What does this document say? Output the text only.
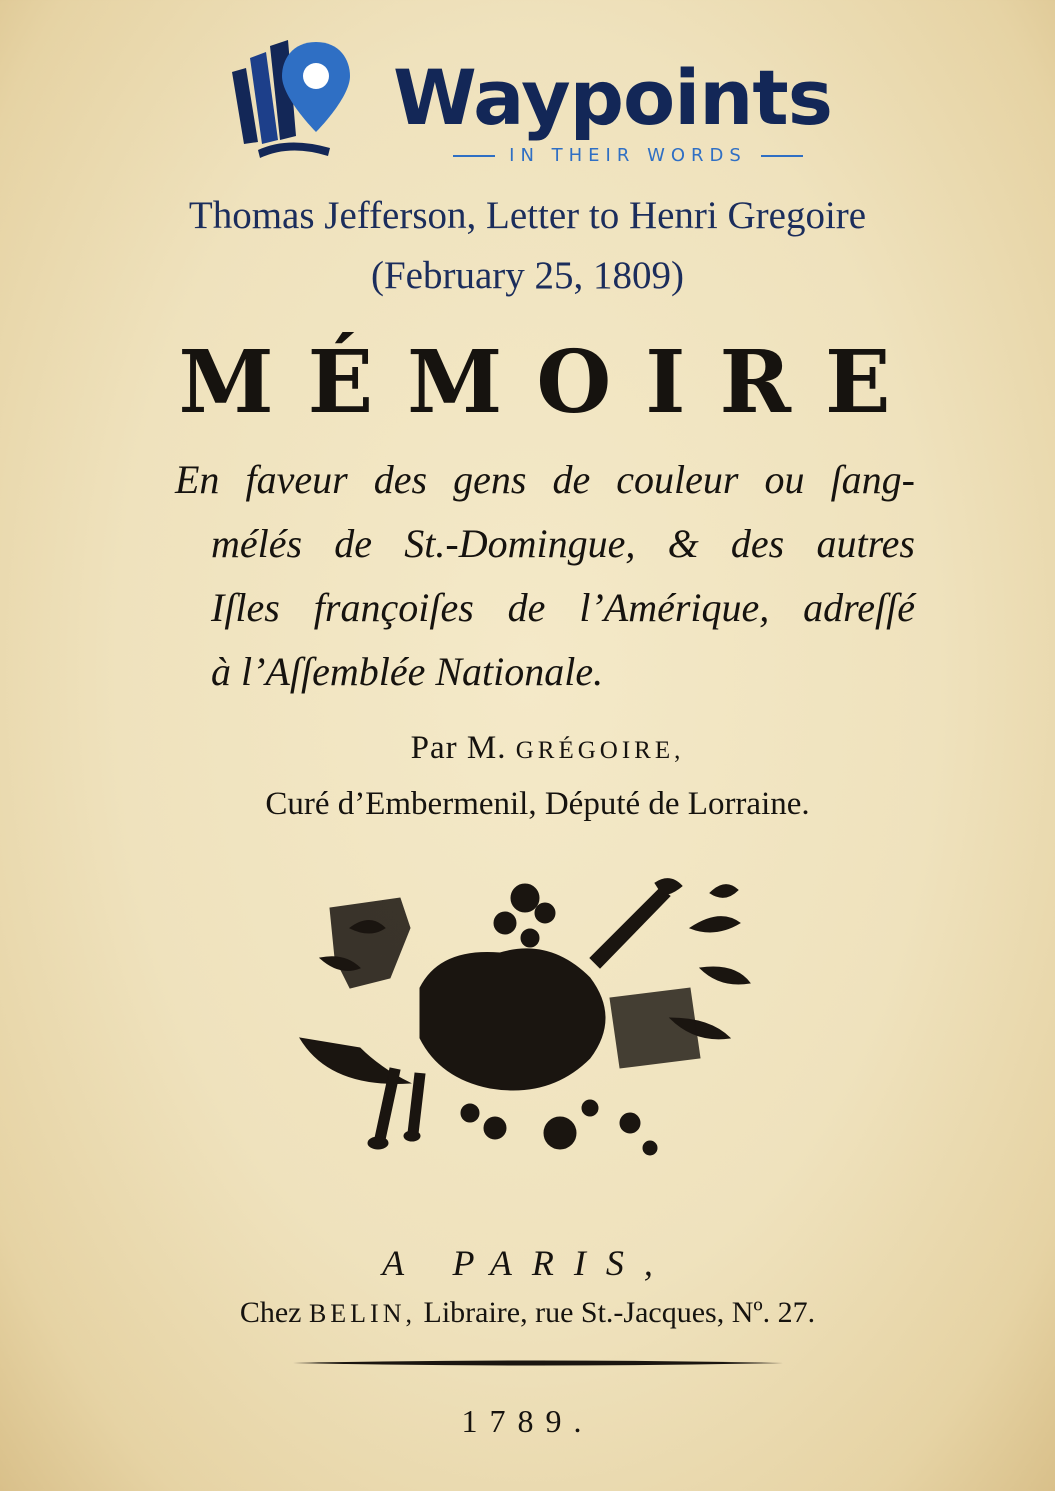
Waypoints
IN THEIR WORDS
Thomas Jefferson, Letter to Henri Gregoire
(February 25, 1809)
MÉMOIRE
En faveur des gens de couleur ou ſang-
mélés de St.-Domingue, & des autres
Iſles françoiſes de l’Amérique, adreſſé
à l’Aſſemblée Nationale.
Par M. GRÉGOIRE,
Curé d’Embermenil, Député de Lorraine.
A PARIS,
Chez BELIN, Libraire, rue St.-Jacques, Nº. 27.
1789.
